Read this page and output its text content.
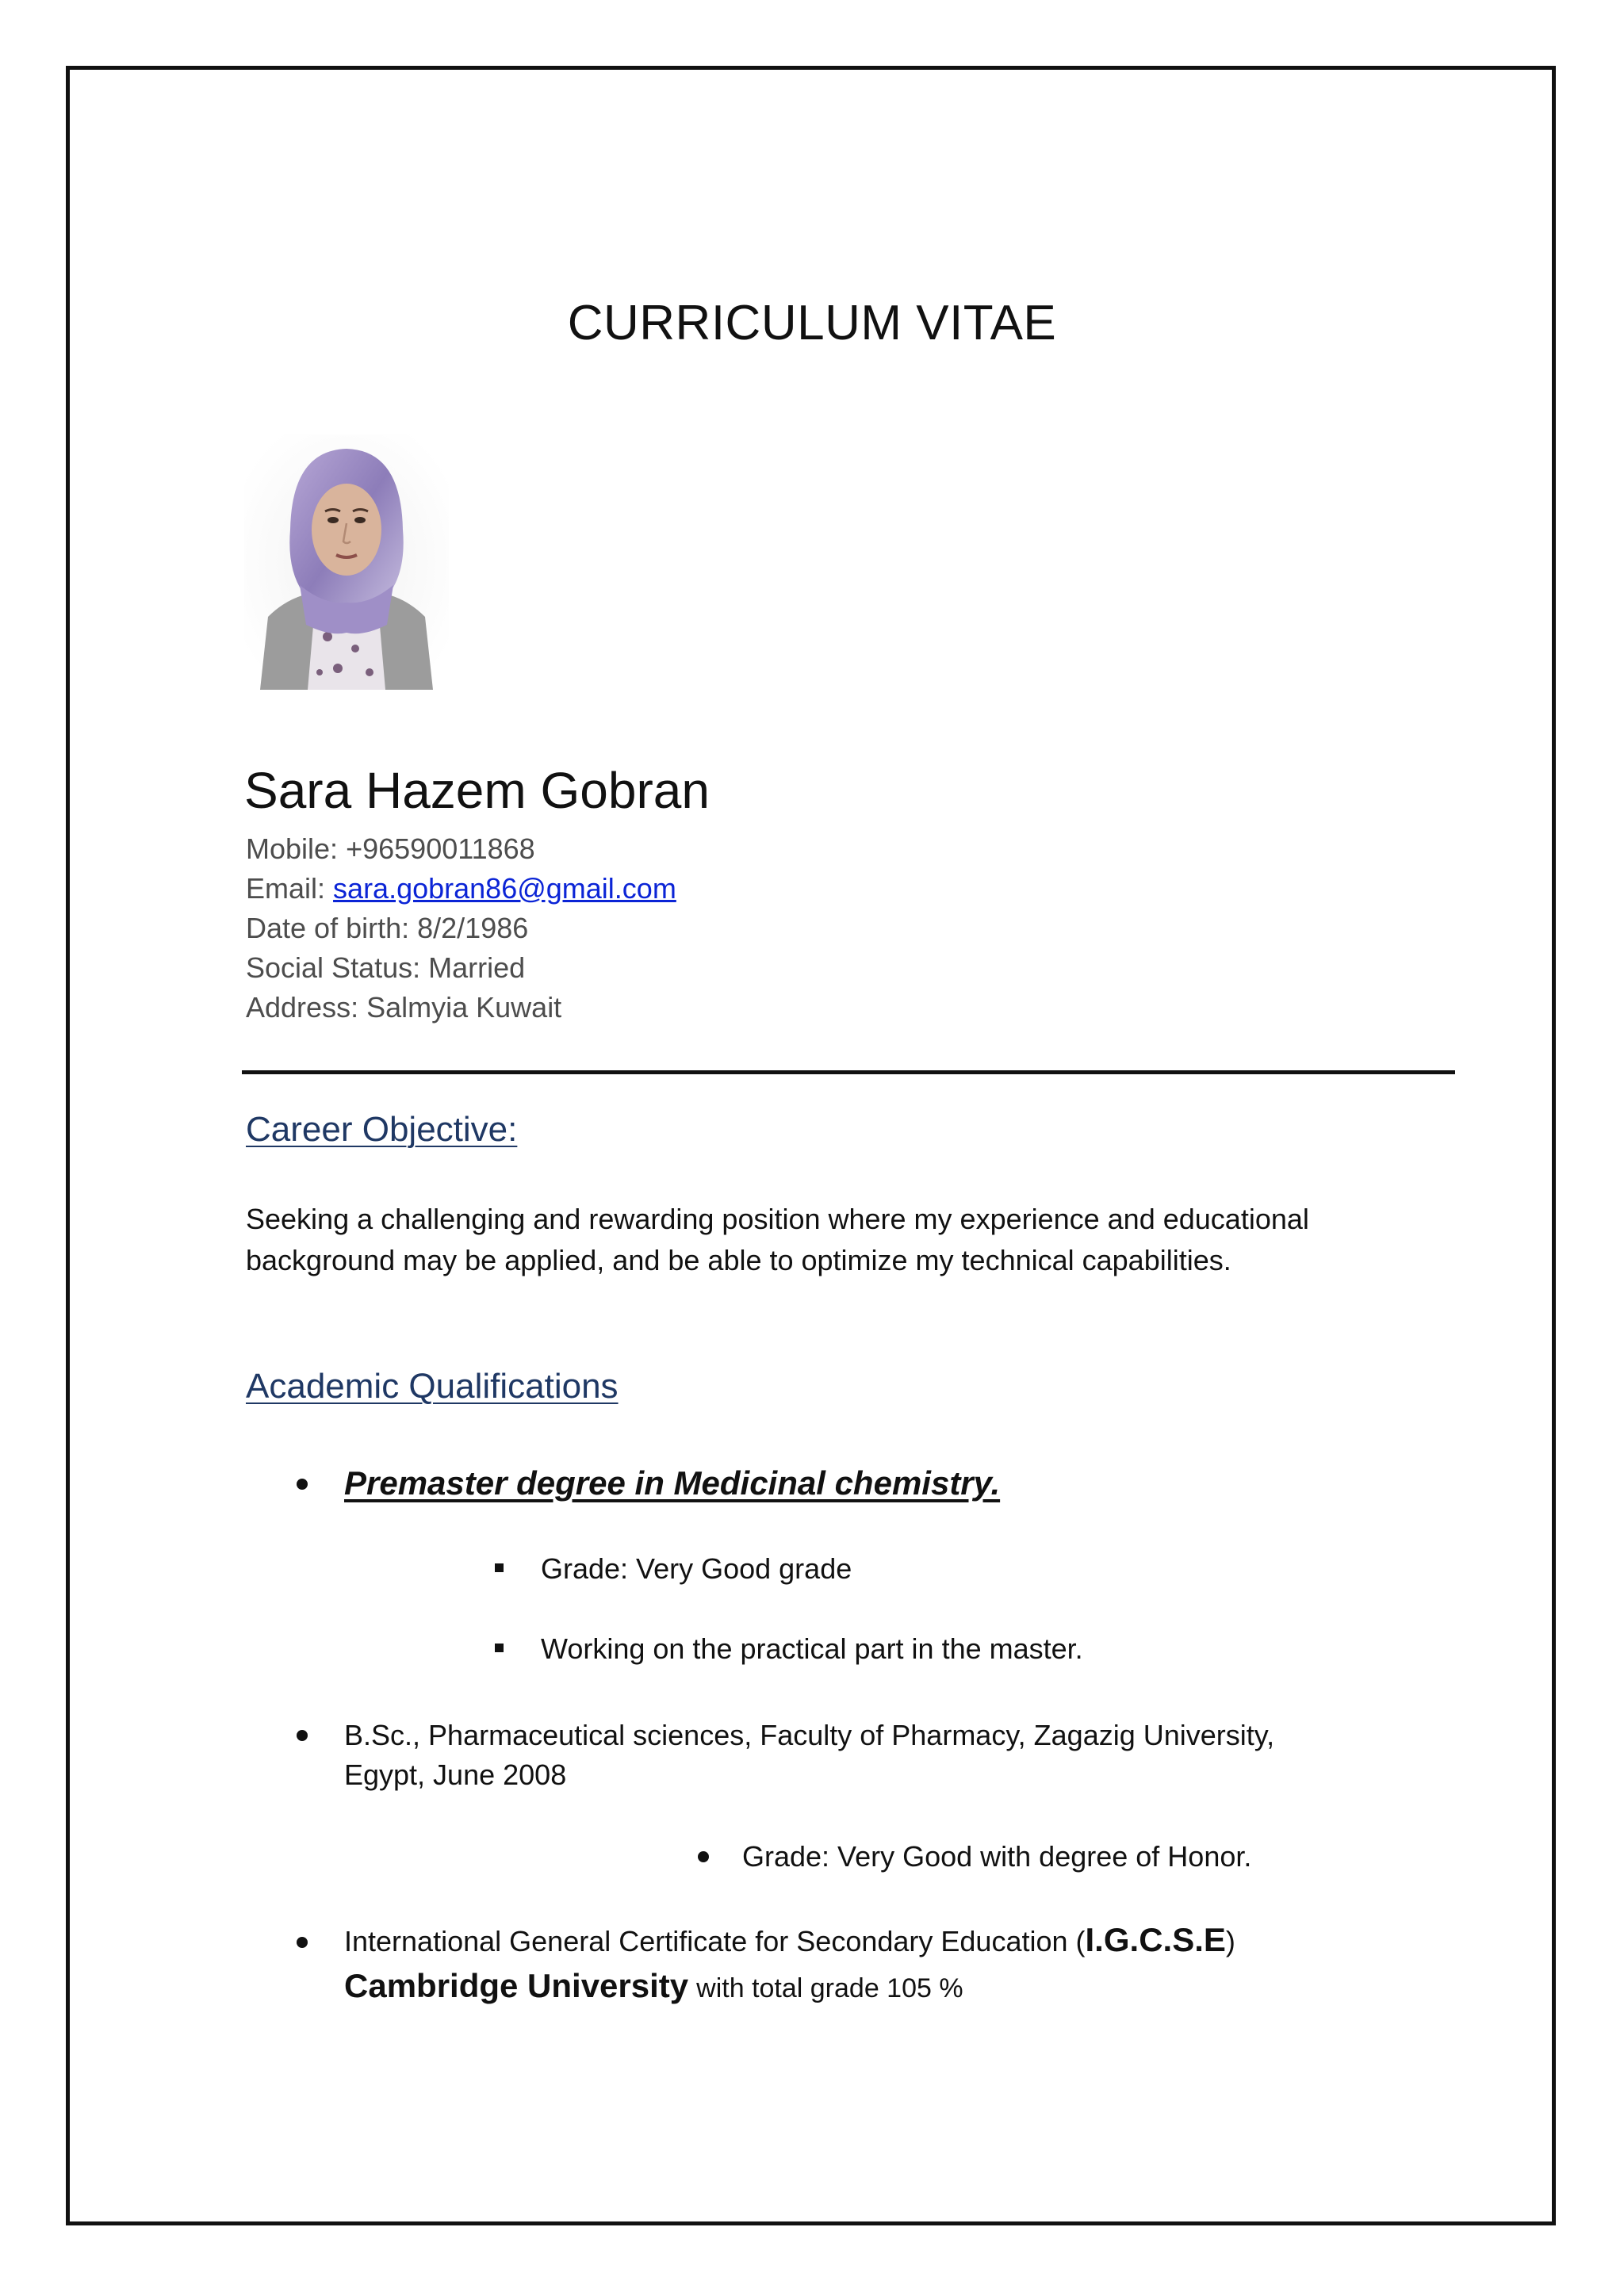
CURRICULUM VITAE
Sara Hazem Gobran
Mobile: +96590011868
Email: sara.gobran86@gmail.com
Date of birth: 8/2/1986
Social Status: Married
Address: Salmyia Kuwait
Career Objective:
Seeking a challenging and rewarding position where my experience and educational background may be applied, and be able to optimize my technical capabilities.
Academic Qualifications
Premaster degree in Medicinal chemistry.
Grade: Very Good grade
Working on the practical part in the master.
B.Sc., Pharmaceutical sciences, Faculty of Pharmacy, Zagazig University,
Egypt, June 2008
Grade: Very Good with degree of Honor.
International General Certificate for Secondary Education (I.G.C.S.E)
Cambridge University with total grade 105 %
